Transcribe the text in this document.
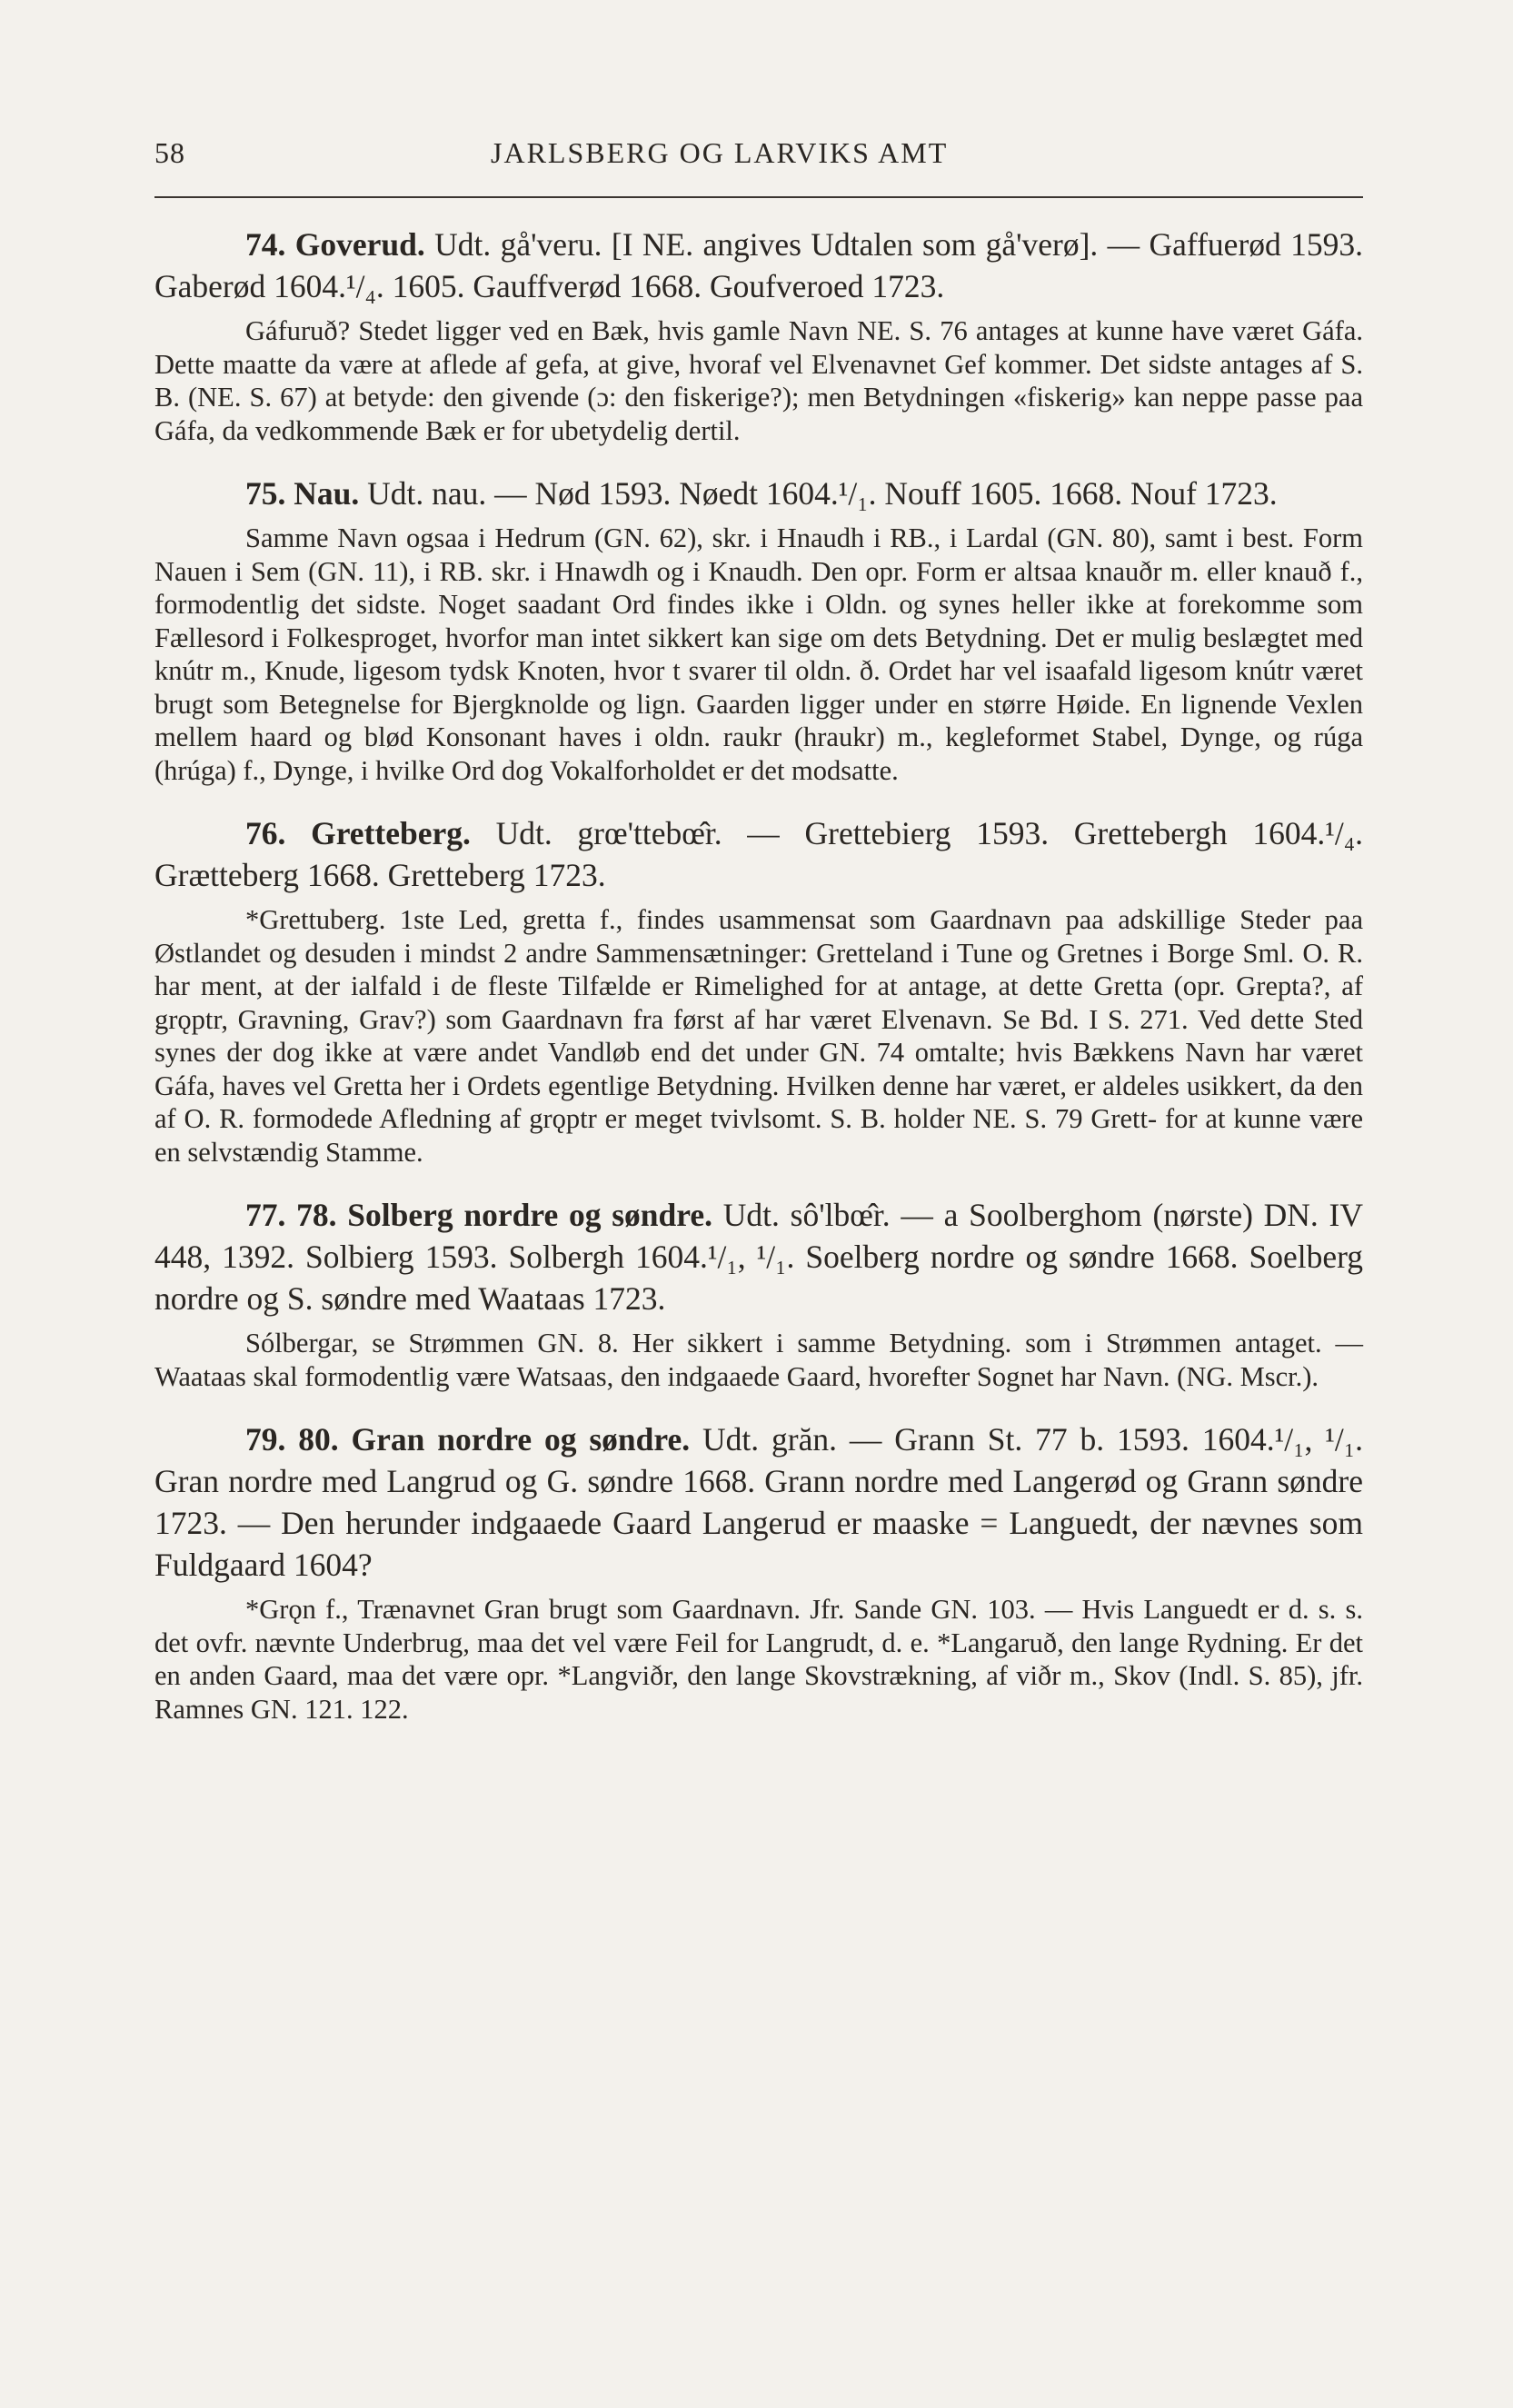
58	JARLSBERG OG LARVIKS AMT

74. Goverud. Udt. gå'veru. [I NE. angives Udtalen som gå'verø]. — Gaffuerød 1593. Gaberød 1604.¹/₄. 1605. Gauffverød 1668. Goufveroed 1723.

Gáfuruð? Stedet ligger ved en Bæk, hvis gamle Navn NE. S. 76 antages at kunne have været Gáfa. Dette maatte da være at aflede af gefa, at give, hvoraf vel Elvenavnet Gef kommer. Det sidste antages af S. B. (NE. S. 67) at betyde: den givende (ɔ: den fiskerige?); men Betydningen «fiskerig» kan neppe passe paa Gáfa, da vedkommende Bæk er for ubetydelig dertil.

75. Nau. Udt. nau. — Nød 1593. Nøedt 1604.¹/₁. Nouff 1605. 1668. Nouf 1723.

Samme Navn ogsaa i Hedrum (GN. 62), skr. i Hnaudh i RB., i Lardal (GN. 80), samt i best. Form Nauen i Sem (GN. 11), i RB. skr. i Hnawdh og i Knaudh. Den opr. Form er altsaa knauðr m. eller knauð f., formodentlig det sidste. Noget saadant Ord findes ikke i Oldn. og synes heller ikke at forekomme som Fællesord i Folkesproget, hvorfor man intet sikkert kan sige om dets Betydning. Det er mulig beslægtet med knútr m., Knude, ligesom tydsk Knoten, hvor t svarer til oldn. ð. Ordet har vel isaafald ligesom knútr været brugt som Betegnelse for Bjergknolde og lign. Gaarden ligger under en større Høide. En lignende Vexlen mellem haard og blød Konsonant haves i oldn. raukr (hraukr) m., kegleformet Stabel, Dynge, og rúga (hrúga) f., Dynge, i hvilke Ord dog Vokalforholdet er det modsatte.

76. Gretteberg. Udt. grœ'ttebœ̂r. — Grettebierg 1593. Grettebergh 1604.¹/₄. Grætteberg 1668. Gretteberg 1723.

*Grettuberg. 1ste Led, gretta f., findes usammensat som Gaardnavn paa adskillige Steder paa Østlandet og desuden i mindst 2 andre Sammensætninger: Gretteland i Tune og Gretnes i Borge Sml. O. R. har ment, at der ialfald i de fleste Tilfælde er Rimelighed for at antage, at dette Gretta (opr. Grepta?, af grǫptr, Gravning, Grav?) som Gaardnavn fra først af har været Elvenavn. Se Bd. I S. 271. Ved dette Sted synes der dog ikke at være andet Vandløb end det under GN. 74 omtalte; hvis Bækkens Navn har været Gáfa, haves vel Gretta her i Ordets egentlige Betydning. Hvilken denne har været, er aldeles usikkert, da den af O. R. formodede Afledning af grǫptr er meget tvivlsomt. S. B. holder NE. S. 79 Grett- for at kunne være en selvstændig Stamme.

77. 78. Solberg nordre og søndre. Udt. sô'lbœ̂r. — a Soolberghom (nørste) DN. IV 448, 1392. Solbierg 1593. Solbergh 1604.¹/₁, ¹/₁. Soelberg nordre og søndre 1668. Soelberg nordre og S. søndre med Waataas 1723.

Sólbergar, se Strømmen GN. 8. Her sikkert i samme Betydning. som i Strømmen antaget. — Waataas skal formodentlig være Watsaas, den indgaaede Gaard, hvorefter Sognet har Navn. (NG. Mscr.).

79. 80. Gran nordre og søndre. Udt. grăn. — Grann St. 77 b. 1593. 1604.¹/₁, ¹/₁. Gran nordre med Langrud og G. søndre 1668. Grann nordre med Langerød og Grann søndre 1723. — Den herunder indgaaede Gaard Langerud er maaske = Languedt, der nævnes som Fuldgaard 1604?

*Grǫn f., Trænavnet Gran brugt som Gaardnavn. Jfr. Sande GN. 103. — Hvis Languedt er d. s. s. det ovfr. nævnte Underbrug, maa det vel være Feil for Langrudt, d. e. *Langaruð, den lange Rydning. Er det en anden Gaard, maa det være opr. *Langviðr, den lange Skovstrækning, af viðr m., Skov (Indl. S. 85), jfr. Ramnes GN. 121. 122.
